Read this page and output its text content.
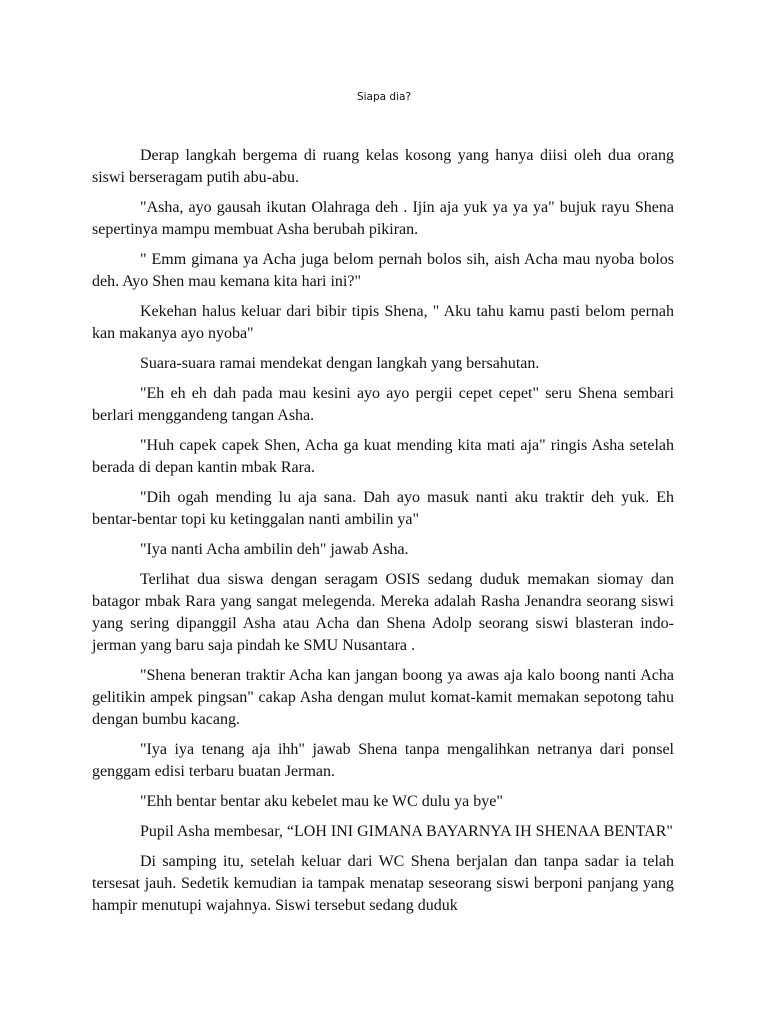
Siapa dia?

Derap langkah bergema di ruang kelas kosong yang hanya diisi oleh dua orang siswi berseragam putih abu-abu.

"Asha, ayo gausah ikutan Olahraga deh . Ijin aja yuk ya ya ya" bujuk rayu Shena sepertinya mampu membuat Asha berubah pikiran.

" Emm gimana ya Acha juga belom pernah bolos sih, aish Acha mau nyoba bolos deh. Ayo Shen mau kemana kita hari ini?"

Kekehan halus keluar dari bibir tipis Shena, " Aku tahu kamu pasti belom pernah kan makanya ayo nyoba"

Suara-suara ramai mendekat dengan langkah yang bersahutan.

"Eh eh eh dah pada mau kesini ayo ayo pergii cepet cepet" seru Shena sembari berlari menggandeng tangan Asha.

"Huh capek capek Shen, Acha ga kuat mending kita mati aja" ringis Asha setelah berada di depan kantin mbak Rara.

"Dih ogah mending lu aja sana. Dah ayo masuk nanti aku traktir deh yuk. Eh bentar-bentar topi ku ketinggalan nanti ambilin ya"

"Iya nanti Acha ambilin deh" jawab Asha.

Terlihat dua siswa dengan seragam OSIS sedang duduk memakan siomay dan batagor mbak Rara yang sangat melegenda. Mereka adalah Rasha Jenandra seorang siswi yang sering dipanggil Asha atau Acha dan Shena Adolp seorang siswi blasteran indo-jerman yang baru saja pindah ke SMU Nusantara .

"Shena beneran traktir Acha kan jangan boong ya awas aja kalo boong nanti Acha gelitikin ampek pingsan" cakap Asha dengan mulut komat-kamit memakan sepotong tahu dengan bumbu kacang.

"Iya iya tenang aja ihh" jawab Shena tanpa mengalihkan netranya dari ponsel genggam edisi terbaru buatan Jerman.

"Ehh bentar bentar aku kebelet mau ke WC dulu ya bye"

Pupil Asha membesar, “LOH INI GIMANA BAYARNYA IH SHENAA BENTAR"

Di samping itu, setelah keluar dari WC Shena berjalan dan tanpa sadar ia telah tersesat jauh. Sedetik kemudian ia tampak menatap seseorang siswi berponi panjang yang hampir menutupi wajahnya. Siswi tersebut sedang duduk
